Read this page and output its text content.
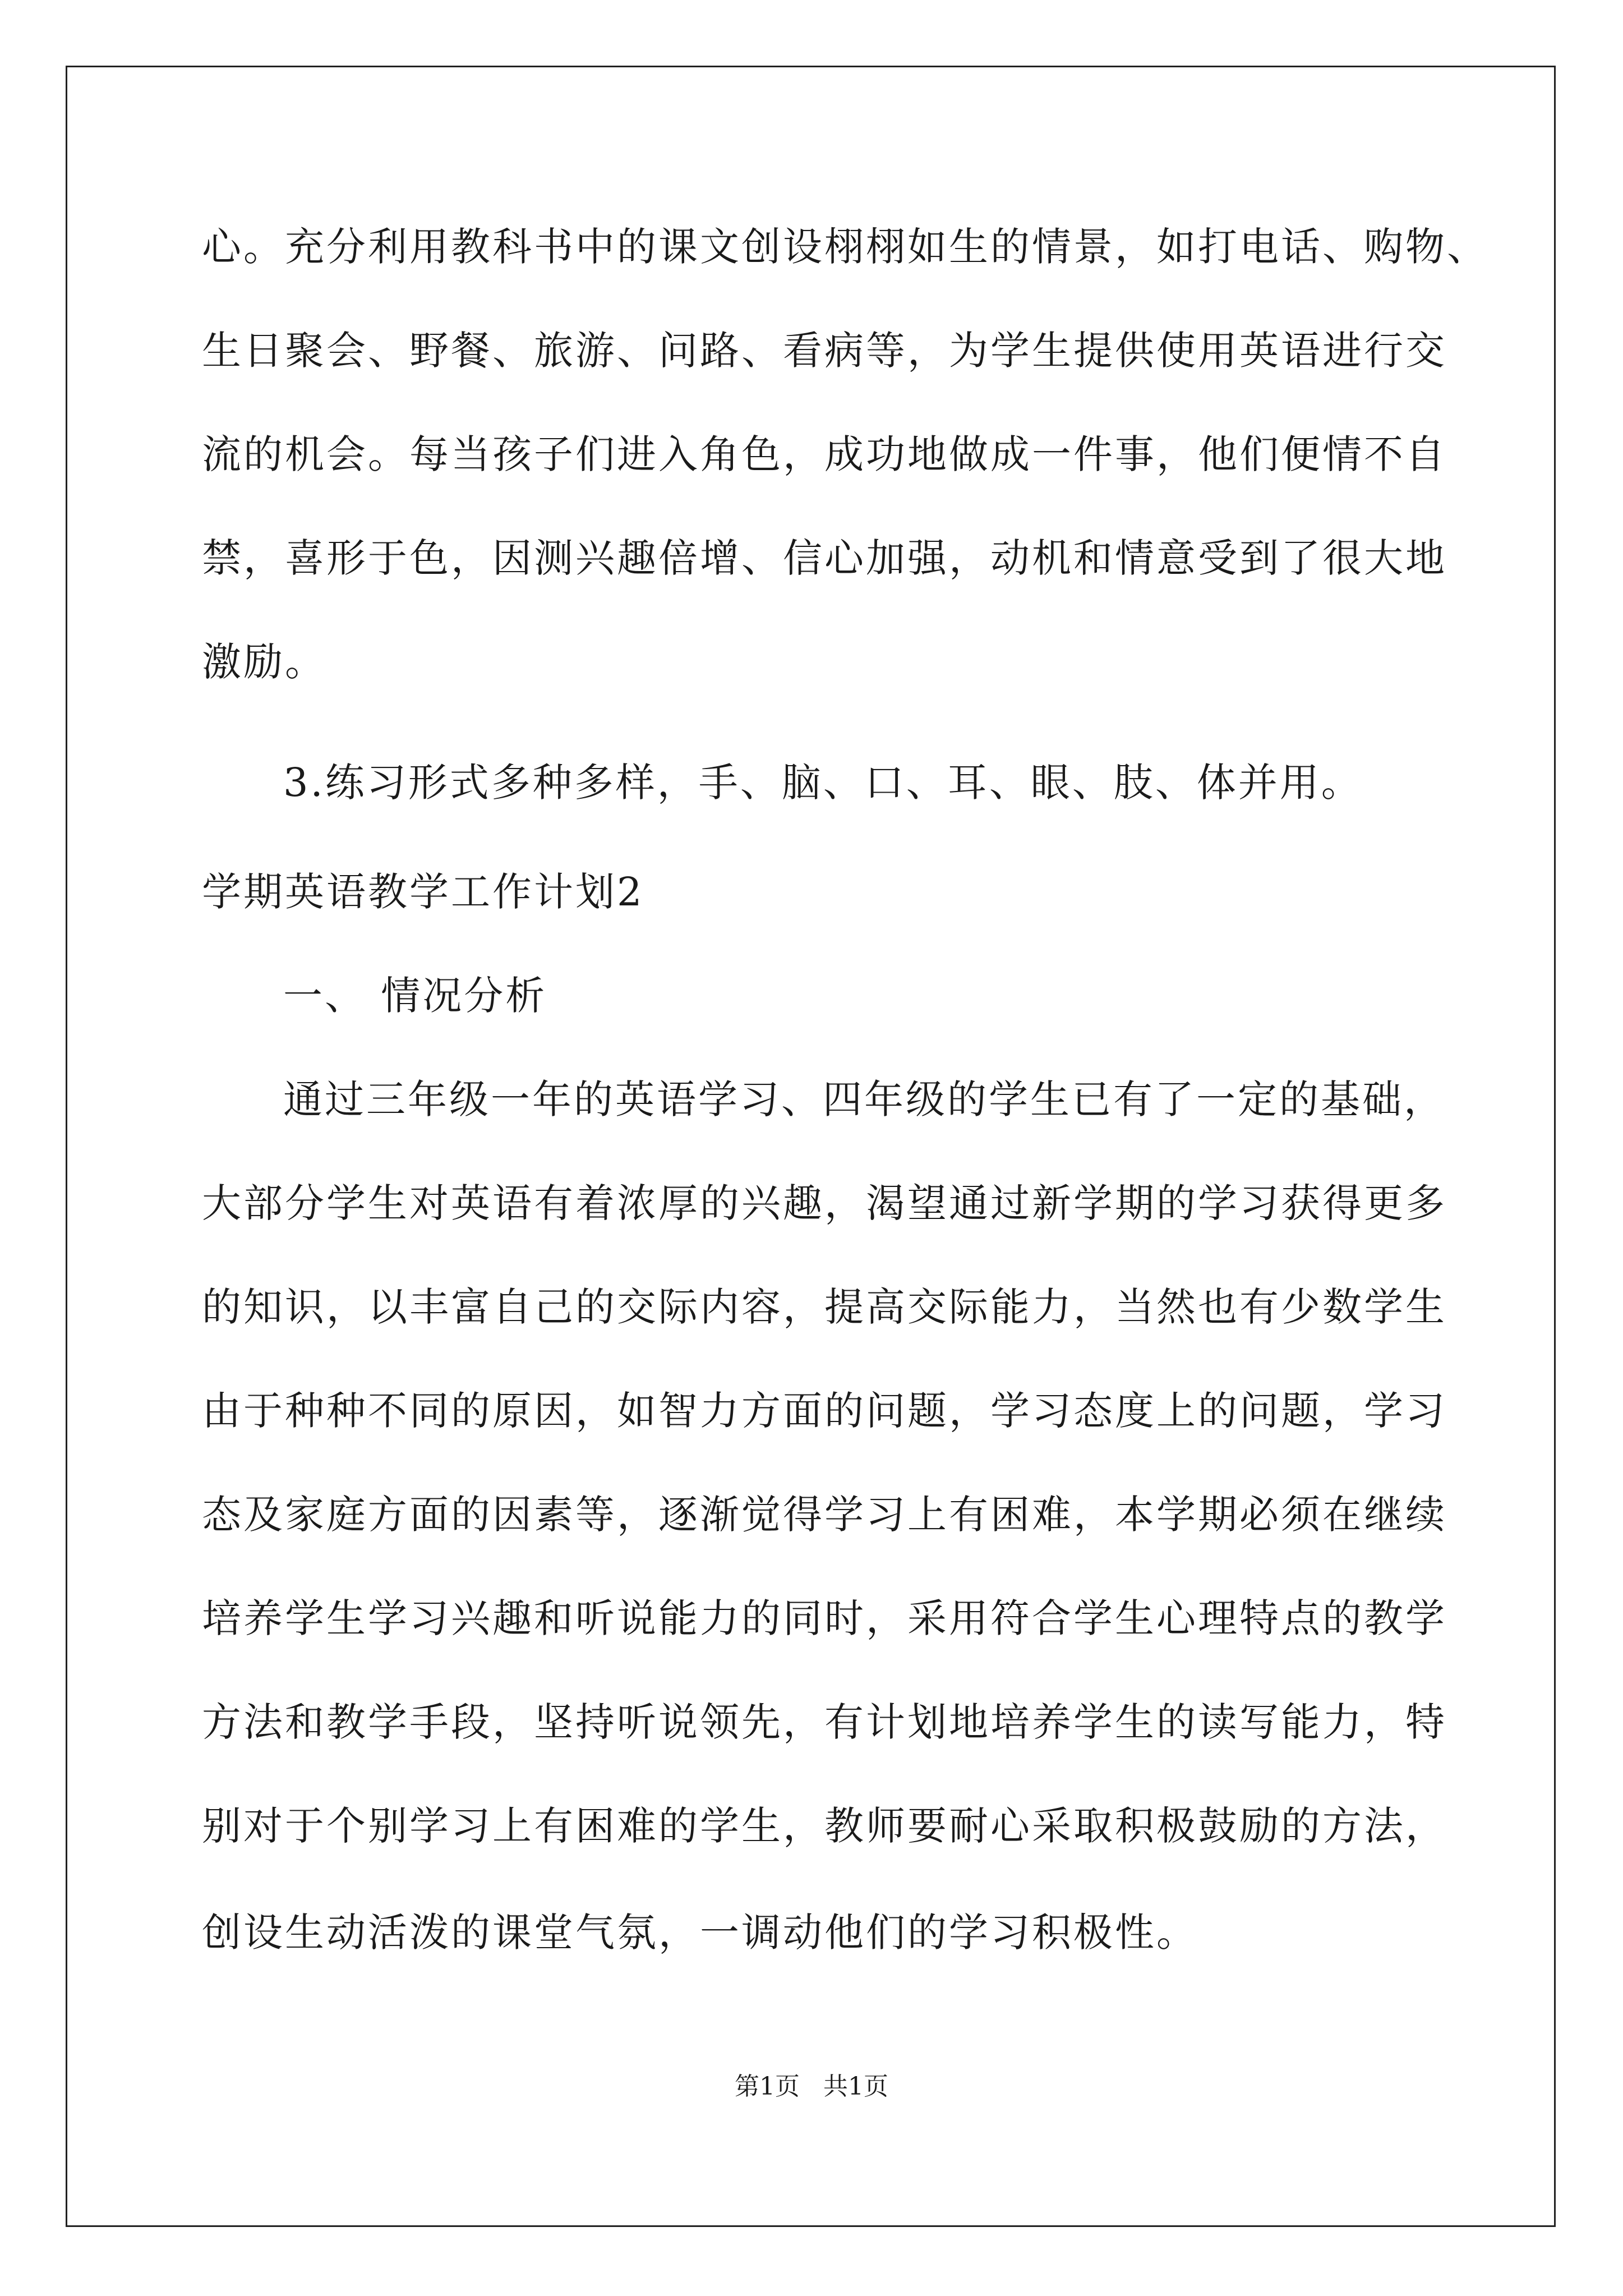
心。充分利用教科书中的课文创设栩栩如生的情景，如打电话、购物、
生日聚会、野餐、旅游、问路、看病等，为学生提供使用英语进行交
流的机会。每当孩子们进入角色，成功地做成一件事，他们便情不自
禁，喜形于色，因测兴趣倍增、信心加强，动机和情意受到了很大地
激励。
3.练习形式多种多样，手、脑、口、耳、眼、肢、体并用。
学期英语教学工作计划2
一、 情况分析
通过三年级一年的英语学习、四年级的学生已有了一定的基础，
大部分学生对英语有着浓厚的兴趣，渴望通过新学期的学习获得更多
的知识，以丰富自己的交际内容，提高交际能力，当然也有少数学生
由于种种不同的原因，如智力方面的问题，学习态度上的问题，学习
态及家庭方面的因素等，逐渐觉得学习上有困难，本学期必须在继续
培养学生学习兴趣和听说能力的同时，采用符合学生心理特点的教学
方法和教学手段，坚持听说领先，有计划地培养学生的读写能力，特
别对于个别学习上有困难的学生，教师要耐心采取积极鼓励的方法，
创设生动活泼的课堂气氛，一调动他们的学习积极性。
第1页   共1页
